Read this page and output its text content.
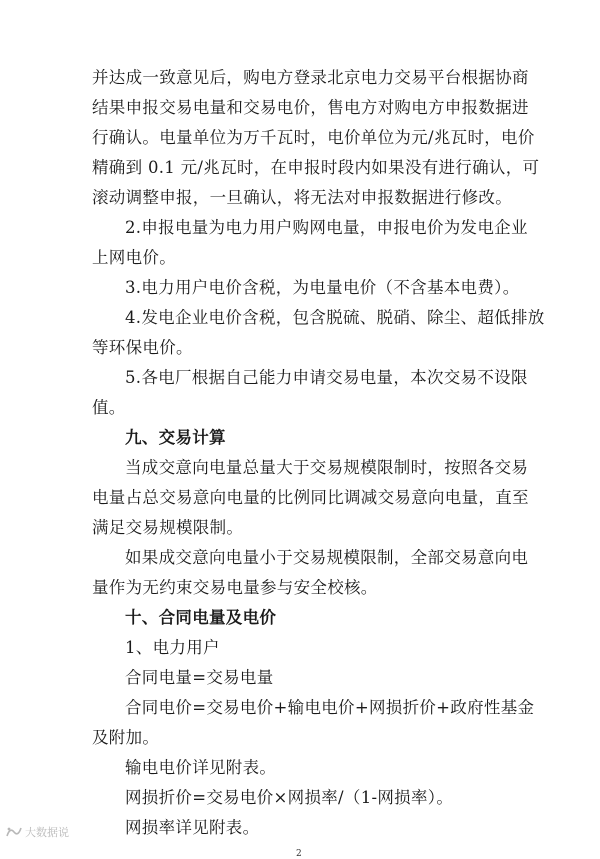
并达成一致意见后，购电方登录北京电力交易平台根据协商
结果申报交易电量和交易电价，售电方对购电方申报数据进
行确认。电量单位为万千瓦时，电价单位为元/兆瓦时，电价
精确到 0.1 元/兆瓦时，在申报时段内如果没有进行确认，可
滚动调整申报，一旦确认，将无法对申报数据进行修改。
2.申报电量为电力用户购网电量，申报电价为发电企业
上网电价。
3.电力用户电价含税，为电量电价（不含基本电费）。
4.发电企业电价含税，包含脱硫、脱硝、除尘、超低排放
等环保电价。
5.各电厂根据自己能力申请交易电量，本次交易不设限
值。
九、交易计算
当成交意向电量总量大于交易规模限制时，按照各交易
电量占总交易意向电量的比例同比调减交易意向电量，直至
满足交易规模限制。
如果成交意向电量小于交易规模限制，全部交易意向电
量作为无约束交易电量参与安全校核。
十、合同电量及电价
1、电力用户
合同电量=交易电量
合同电价=交易电价+输电电价+网损折价+政府性基金
及附加。
输电电价详见附表。
网损折价=交易电价×网损率/（1-网损率）。
网损率详见附表。
2
大数据说
